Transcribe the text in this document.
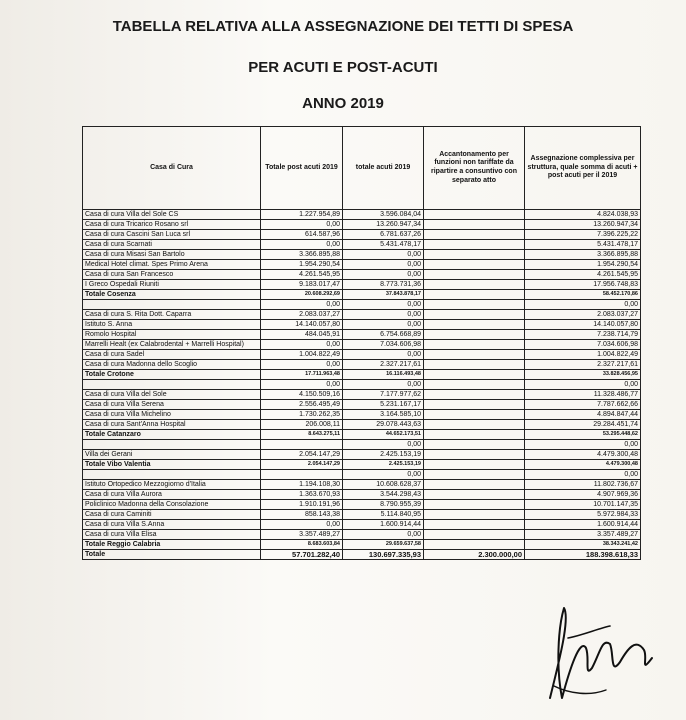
TABELLA RELATIVA ALLA ASSEGNAZIONE DEI TETTI DI SPESA
PER ACUTI E POST-ACUTI
ANNO 2019
Casa di Cura	Totale post acuti 2019	totale acuti 2019	Accantonamento per funzioni non tariffate da ripartire a consuntivo con separato atto	Assegnazione complessiva per struttura, quale somma di acuti + post acuti per il 2019
Casa di cura Villa del Sole CS	1.227.954,89	3.596.084,04		4.824.038,93
Casa di cura Tricarico Rosano srl	0,00	13.260.947,34		13.260.947,34
Casa di cura Cascini San Luca srl	614.587,96	6.781.637,26		7.396.225,22
Casa di cura Scarnati	0,00	5.431.478,17		5.431.478,17
Casa di cura Misasi San Bartolo	3.366.895,88	0,00		3.366.895,88
Medical Hotel climat. Spes Primo Arena	1.954.290,54	0,00		1.954.290,54
Casa di cura San Francesco	4.261.545,95	0,00		4.261.545,95
I Greco Ospedali Riuniti	9.183.017,47	8.773.731,36		17.956.748,83
Totale Cosenza	20.608.292,69	37.843.878,17		58.452.170,86
	0,00	0,00		0,00
Casa di cura S. Rita Dott. Caparra	2.083.037,27	0,00		2.083.037,27
Istituto S. Anna	14.140.057,80	0,00		14.140.057,80
Romolo Hospital	484.045,91	6.754.668,89		7.238.714,79
Marrelli Healt (ex Calabrodental + Marrelli Hospital)	0,00	7.034.606,98		7.034.606,98
Casa di cura Sadel	1.004.822,49	0,00		1.004.822,49
Casa di cura Madonna dello Scoglio	0,00	2.327.217,61		2.327.217,61
Totale Crotone	17.711.963,48	16.116.493,48		33.828.456,95
	0,00	0,00		0,00
Casa di cura Villa del Sole	4.150.509,16	7.177.977,62		11.328.486,77
Casa di cura Villa Serena	2.556.495,49	5.231.167,17		7.787.662,66
Casa di cura Villa Michelino	1.730.262,35	3.164.585,10		4.894.847,44
Casa di cura Sant'Anna Hospital	206.008,11	29.078.443,63		29.284.451,74
Totale Catanzaro	8.643.275,11	44.652.173,51		53.295.448,62
		0,00		0,00
Villa dei Gerani	2.054.147,29	2.425.153,19		4.479.300,48
Totale Vibo Valentia	2.054.147,29	2.425.153,19		4.479.300,48
		0,00		0,00
Istituto Ortopedico Mezzogiorno d'Italia	1.194.108,30	10.608.628,37		11.802.736,67
Casa di cura Villa Aurora	1.363.670,93	3.544.298,43		4.907.969,36
Policlinico Madonna della Consolazione	1.910.191,96	8.790.955,39		10.701.147,35
Casa di cura Caminiti	858.143,38	5.114.840,95		5.972.984,33
Casa di cura Villa S.Anna	0,00	1.600.914,44		1.600.914,44
Casa di cura Villa Elisa	3.357.489,27	0,00		3.357.489,27
Totale Reggio Calabria	8.683.603,84	29.659.637,58		38.343.241,42
Totale	57.701.282,40	130.697.335,93	2.300.000,00	188.398.618,33
